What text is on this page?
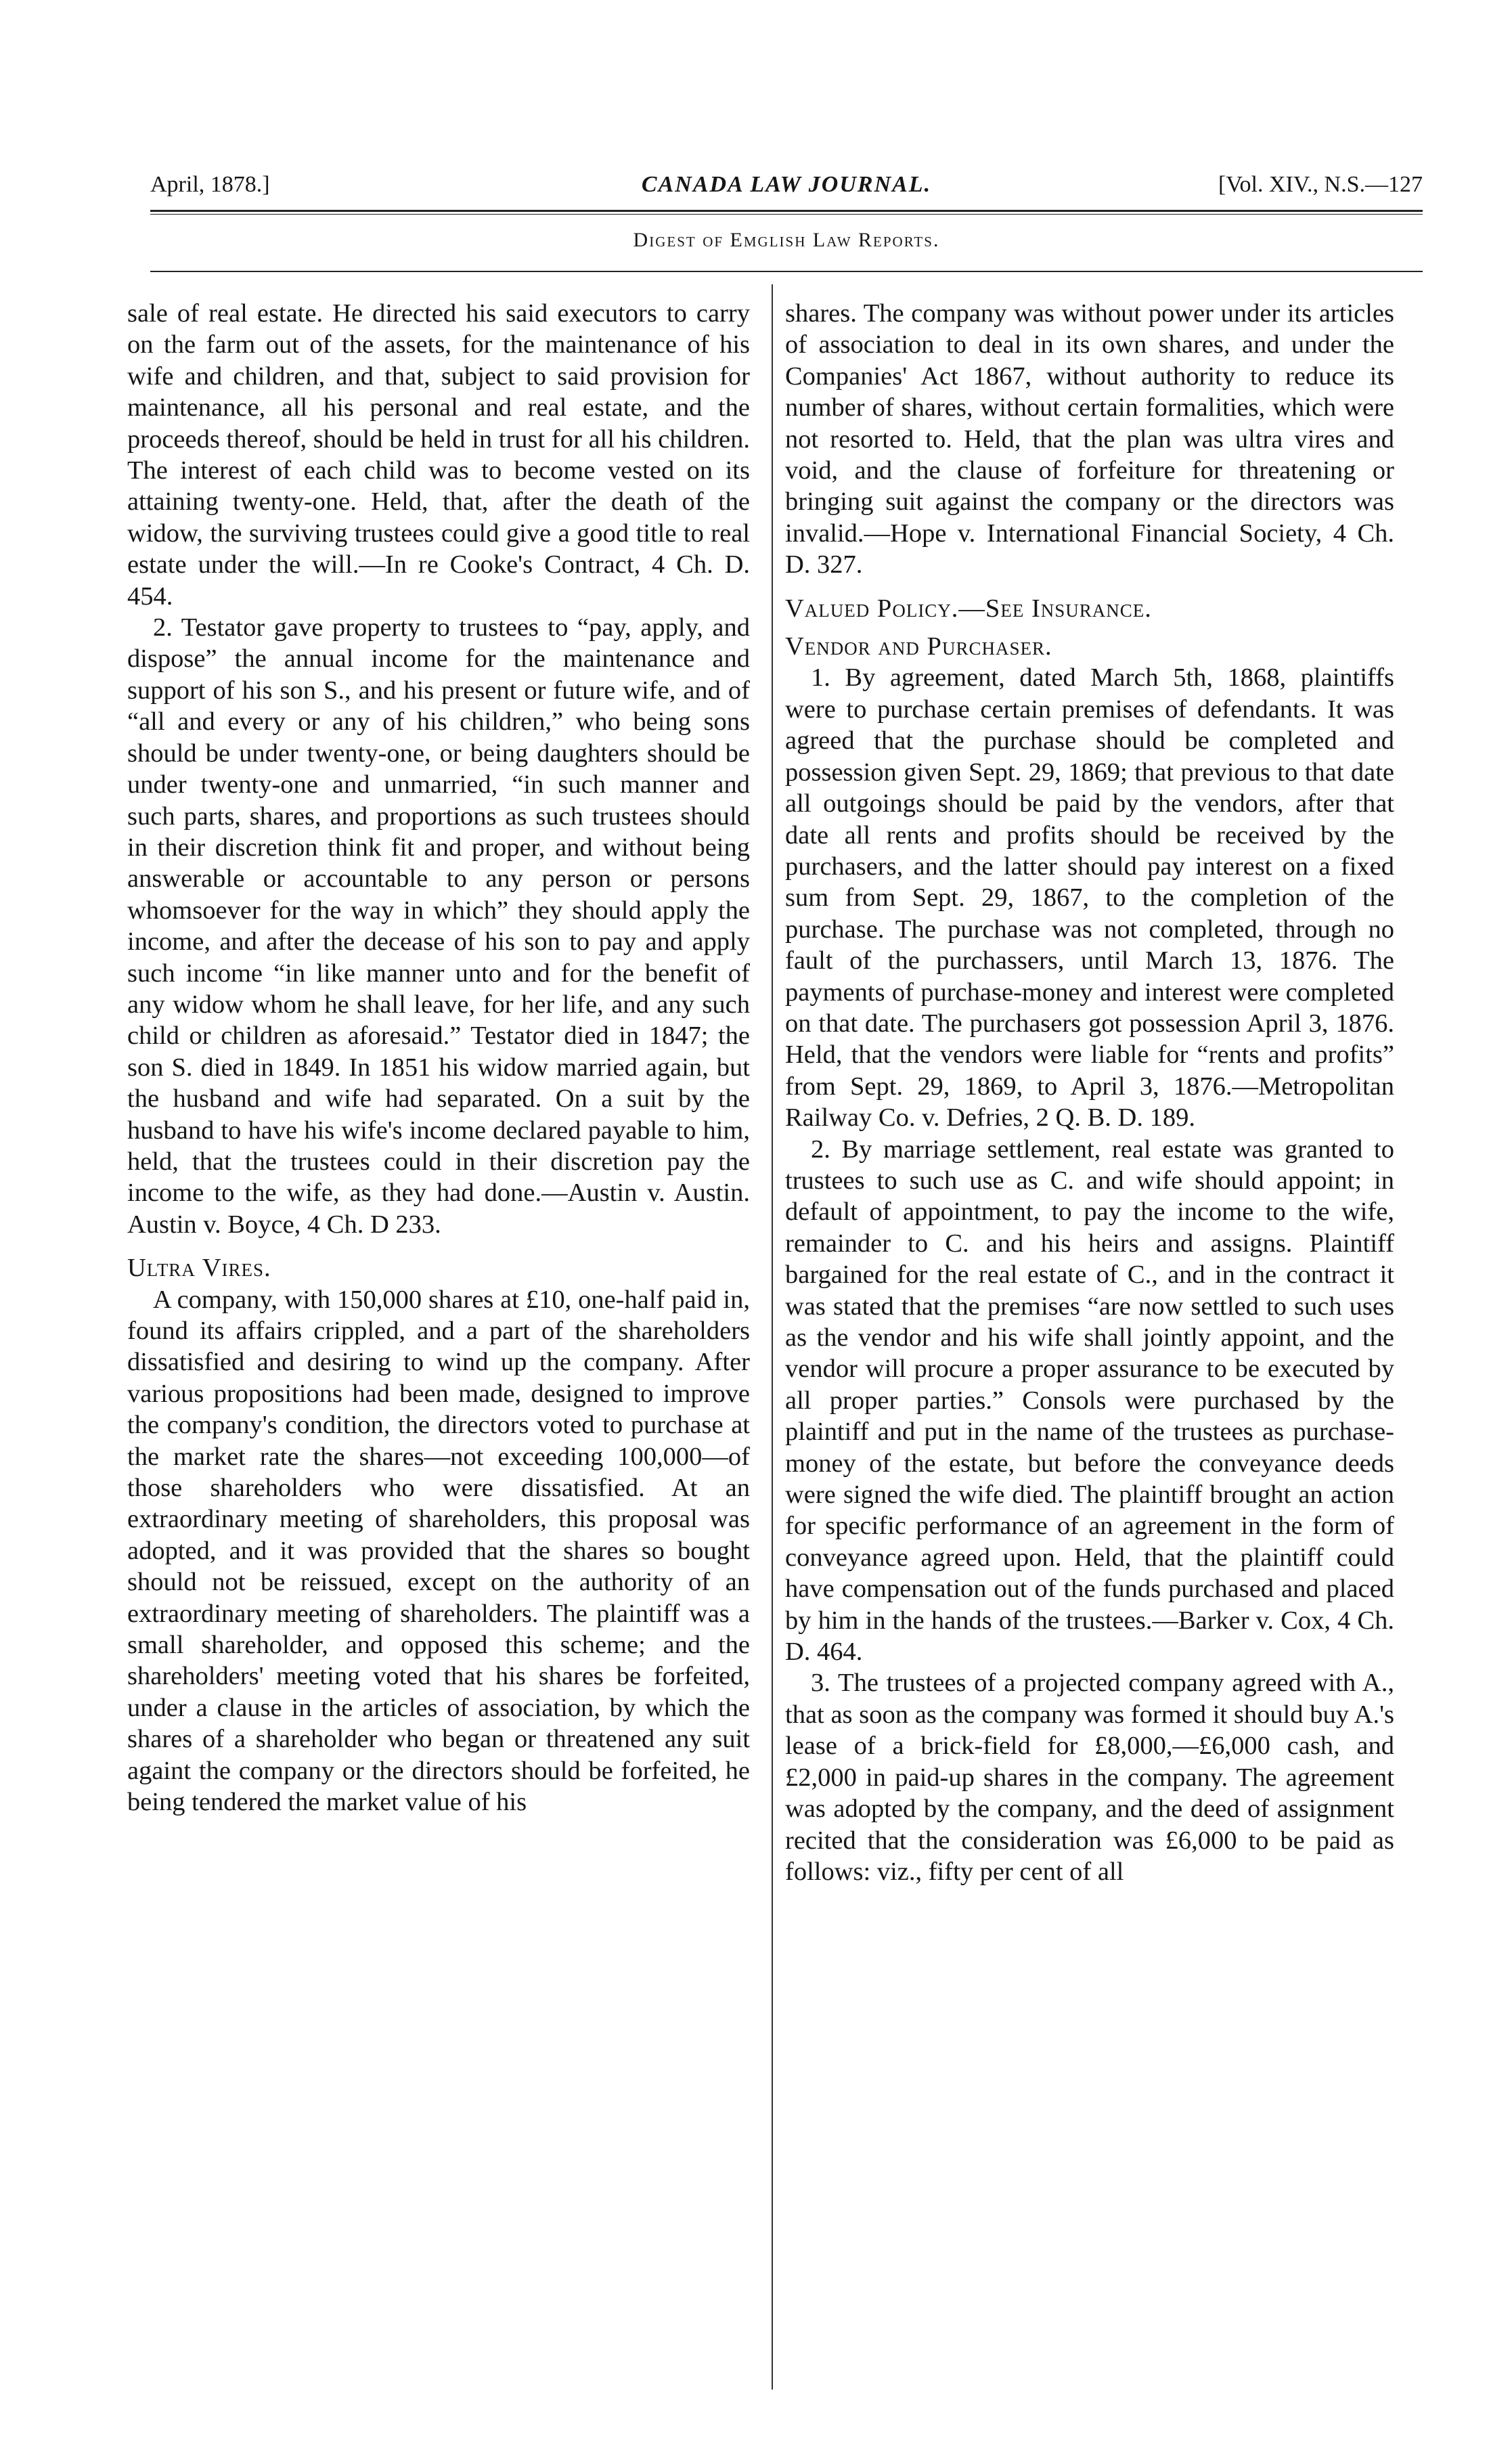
April, 1878.]	CANADA LAW JOURNAL.	[Vol. XIV., N.S.—127
Digest of Emglish Law Reports.

sale of real estate. He directed his said executors to carry on the farm out of the assets, for the maintenance of his wife and children, and that, subject to said provision for maintenance, all his personal and real estate, and the proceeds thereof, should be held in trust for all his children. The interest of each child was to become vested on its attaining twenty-one. Held, that, after the death of the widow, the surviving trustees could give a good title to real estate under the will.—In re Cooke's Contract, 4 Ch. D. 454.

2. Testator gave property to trustees to “pay, apply, and dispose” the annual income for the maintenance and support of his son S., and his present or future wife, and of “all and every or any of his children,” who being sons should be under twenty-one, or being daughters should be under twenty-one and unmarried, “in such manner and such parts, shares, and proportions as such trustees should in their discretion think fit and proper, and without being answerable or accountable to any person or persons whomsoever for the way in which” they should apply the income, and after the decease of his son to pay and apply such income “in like manner unto and for the benefit of any widow whom he shall leave, for her life, and any such child or children as aforesaid.” Testator died in 1847; the son S. died in 1849. In 1851 his widow married again, but the husband and wife had separated. On a suit by the husband to have his wife's income declared payable to him, held, that the trustees could in their discretion pay the income to the wife, as they had done.—Austin v. Austin. Austin v. Boyce, 4 Ch. D 233.

Ultra Vires.

A company, with 150,000 shares at £10, one-half paid in, found its affairs crippled, and a part of the shareholders dissatisfied and desiring to wind up the company. After various propositions had been made, designed to improve the company's condition, the directors voted to purchase at the market rate the shares—not exceeding 100,000—of those shareholders who were dissatisfied. At an extraordinary meeting of shareholders, this proposal was adopted, and it was provided that the shares so bought should not be reissued, except on the authority of an extraordinary meeting of shareholders. The plaintiff was a small shareholder, and opposed this scheme; and the shareholders' meeting voted that his shares be forfeited, under a clause in the articles of association, by which the shares of a shareholder who began or threatened any suit againt the company or the directors should be forfeited, he being tendered the market value of his

shares. The company was without power under its articles of association to deal in its own shares, and under the Companies' Act 1867, without authority to reduce its number of shares, without certain formalities, which were not resorted to. Held, that the plan was ultra vires and void, and the clause of forfeiture for threatening or bringing suit against the company or the directors was invalid.—Hope v. International Financial Society, 4 Ch. D. 327.

Valued Policy.—See Insurance.

Vendor and Purchaser.

1. By agreement, dated March 5th, 1868, plaintiffs were to purchase certain premises of defendants. It was agreed that the purchase should be completed and possession given Sept. 29, 1869; that previous to that date all outgoings should be paid by the vendors, after that date all rents and profits should be received by the purchasers, and the latter should pay interest on a fixed sum from Sept. 29, 1867, to the completion of the purchase. The purchase was not completed, through no fault of the purchassers, until March 13, 1876. The payments of purchase-money and interest were completed on that date. The purchasers got possession April 3, 1876. Held, that the vendors were liable for “rents and profits” from Sept. 29, 1869, to April 3, 1876.—Metropolitan Railway Co. v. Defries, 2 Q. B. D. 189.

2. By marriage settlement, real estate was granted to trustees to such use as C. and wife should appoint; in default of appointment, to pay the income to the wife, remainder to C. and his heirs and assigns. Plaintiff bargained for the real estate of C., and in the contract it was stated that the premises “are now settled to such uses as the vendor and his wife shall jointly appoint, and the vendor will procure a proper assurance to be executed by all proper parties.” Consols were purchased by the plaintiff and put in the name of the trustees as purchase-money of the estate, but before the conveyance deeds were signed the wife died. The plaintiff brought an action for specific performance of an agreement in the form of conveyance agreed upon. Held, that the plaintiff could have compensation out of the funds purchased and placed by him in the hands of the trustees.—Barker v. Cox, 4 Ch. D. 464.

3. The trustees of a projected company agreed with A., that as soon as the company was formed it should buy A.'s lease of a brick-field for £8,000,—£6,000 cash, and £2,000 in paid-up shares in the company. The agreement was adopted by the company, and the deed of assignment recited that the consideration was £6,000 to be paid as follows: viz., fifty per cent of all
